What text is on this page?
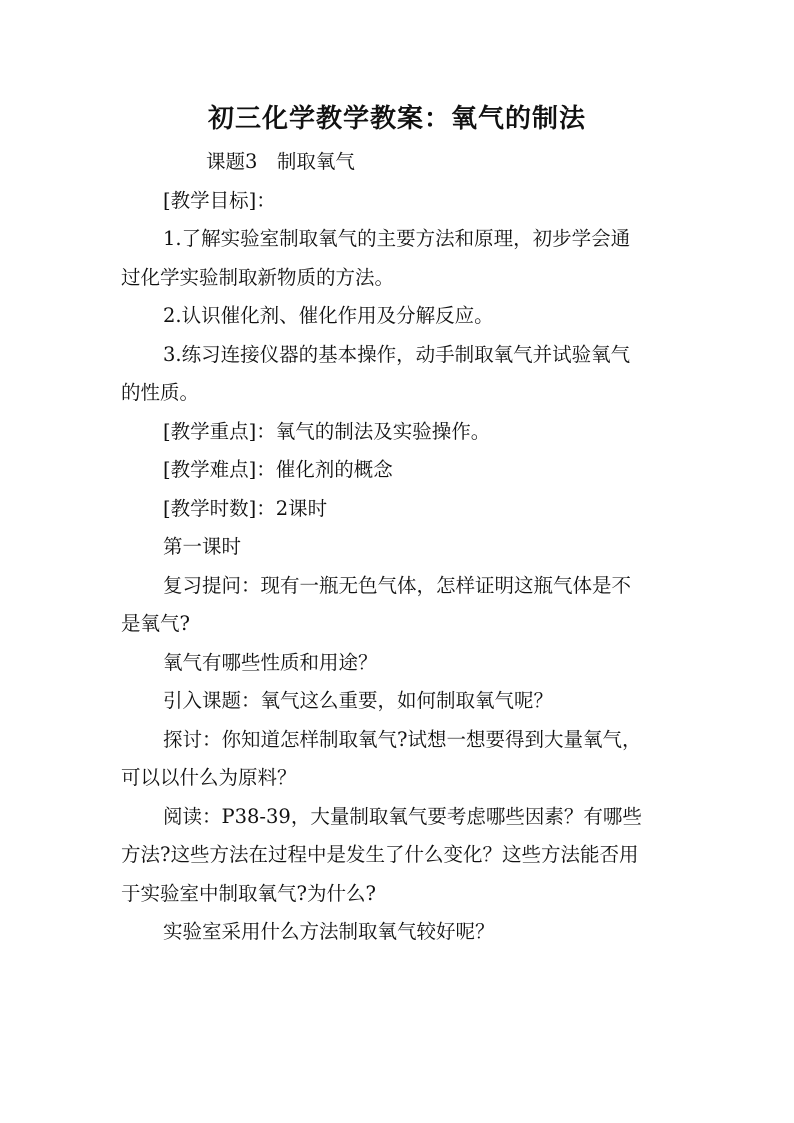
初三化学教学教案：氧气的制法

课题3　制取氧气

[教学目标]：

1.了解实验室制取氧气的主要方法和原理，初步学会通

过化学实验制取新物质的方法。

2.认识催化剂、催化作用及分解反应。

3.练习连接仪器的基本操作，动手制取氧气并试验氧气

的性质。

[教学重点]：氧气的制法及实验操作。

[教学难点]：催化剂的概念

[教学时数]：2课时

第一课时

复习提问：现有一瓶无色气体，怎样证明这瓶气体是不

是氧气?

氧气有哪些性质和用途？

引入课题：氧气这么重要，如何制取氧气呢？

探讨：你知道怎样制取氧气?试想一想要得到大量氧气，

可以以什么为原料？

阅读：P38-39，大量制取氧气要考虑哪些因素？有哪些

方法?这些方法在过程中是发生了什么变化？这些方法能否用

于实验室中制取氧气?为什么?

实验室采用什么方法制取氧气较好呢？
